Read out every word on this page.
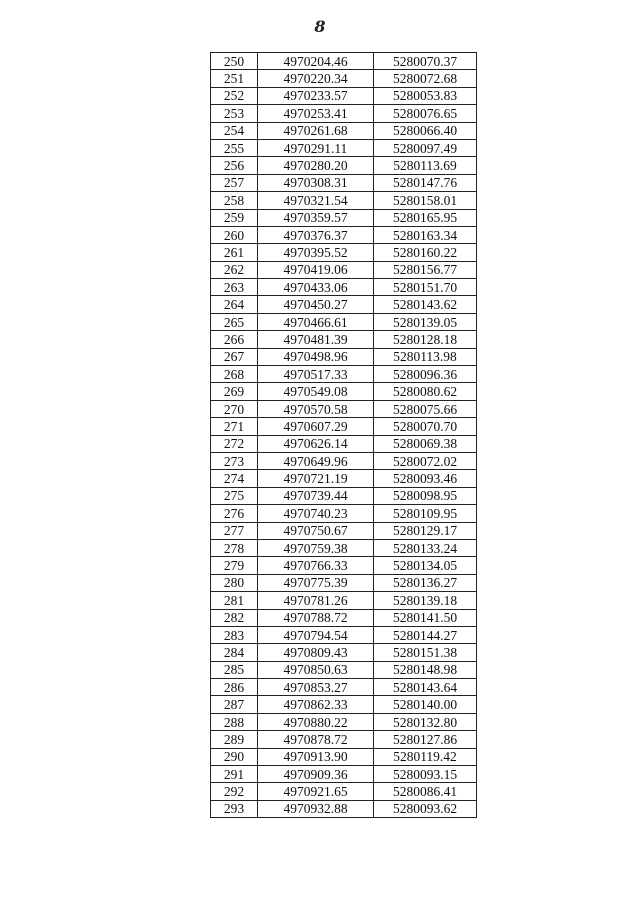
8
250	4970204.46	5280070.37
251	4970220.34	5280072.68
252	4970233.57	5280053.83
253	4970253.41	5280076.65
254	4970261.68	5280066.40
255	4970291.11	5280097.49
256	4970280.20	5280113.69
257	4970308.31	5280147.76
258	4970321.54	5280158.01
259	4970359.57	5280165.95
260	4970376.37	5280163.34
261	4970395.52	5280160.22
262	4970419.06	5280156.77
263	4970433.06	5280151.70
264	4970450.27	5280143.62
265	4970466.61	5280139.05
266	4970481.39	5280128.18
267	4970498.96	5280113.98
268	4970517.33	5280096.36
269	4970549.08	5280080.62
270	4970570.58	5280075.66
271	4970607.29	5280070.70
272	4970626.14	5280069.38
273	4970649.96	5280072.02
274	4970721.19	5280093.46
275	4970739.44	5280098.95
276	4970740.23	5280109.95
277	4970750.67	5280129.17
278	4970759.38	5280133.24
279	4970766.33	5280134.05
280	4970775.39	5280136.27
281	4970781.26	5280139.18
282	4970788.72	5280141.50
283	4970794.54	5280144.27
284	4970809.43	5280151.38
285	4970850.63	5280148.98
286	4970853.27	5280143.64
287	4970862.33	5280140.00
288	4970880.22	5280132.80
289	4970878.72	5280127.86
290	4970913.90	5280119.42
291	4970909.36	5280093.15
292	4970921.65	5280086.41
293	4970932.88	5280093.62
